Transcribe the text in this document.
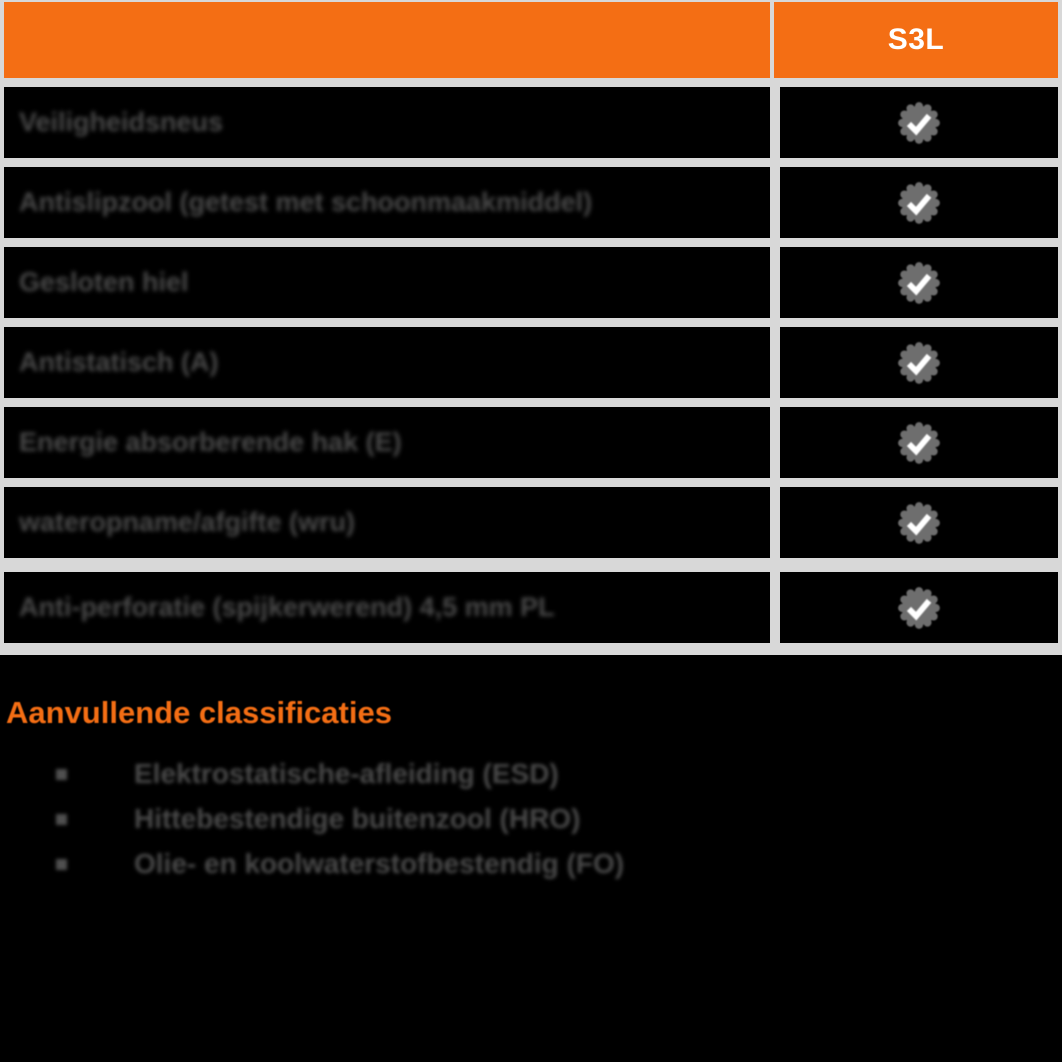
S3L
Veiligheidsneus
Antislipzool (getest met schoonmaakmiddel)
Gesloten hiel
Antistatisch (A)
Energie absorberende hak (E)
wateropname/afgifte (wru)
Anti-perforatie (spijkerwerend) 4,5 mm PL
Aanvullende classificaties
Elektrostatische-afleiding (ESD)
Hittebestendige buitenzool (HRO)
Olie- en koolwaterstofbestendig (FO)
